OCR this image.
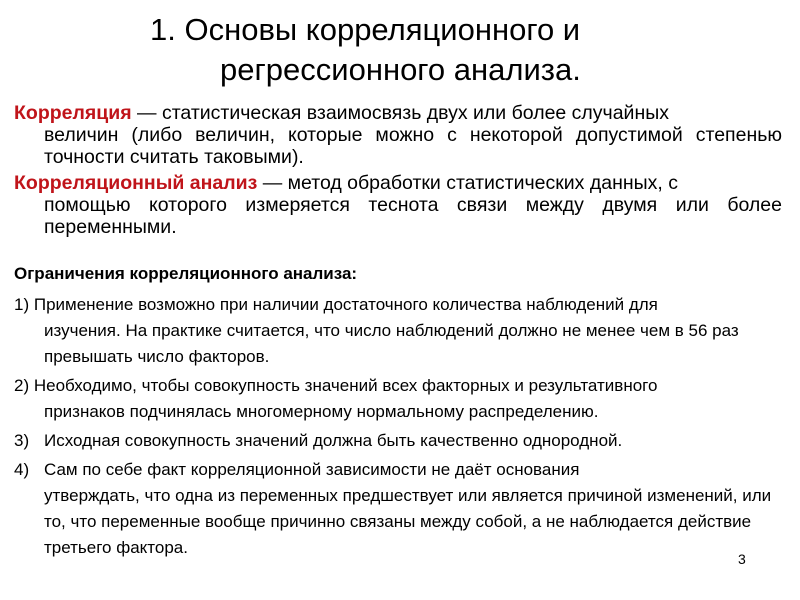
1. Основы корреляционного и
регрессионного анализа.
Корреляция — статистическая взаимосвязь двух или более случайных
величин (либо величин, которые можно с некоторой допустимой степенью точности считать таковыми).
Корреляционный анализ — метод обработки статистических данных, с
помощью которого измеряется теснота связи между двумя или более переменными.
Ограничения корреляционного анализа:
1) Применение возможно при наличии достаточного количества наблюдений для
изучения. На практике считается, что число наблюдений должно не менее чем в 56 раз превышать число факторов.
2) Необходимо, чтобы совокупность значений всех факторных и результативного
признаков подчинялась многомерному нормальному распределению.
3) Исходная совокупность значений должна быть качественно однородной.
4) Сам по себе факт корреляционной зависимости не даёт основания
утверждать, что одна из переменных предшествует или является причиной изменений, или то, что переменные вообще причинно связаны между собой, а не наблюдается действие третьего фактора.
3
